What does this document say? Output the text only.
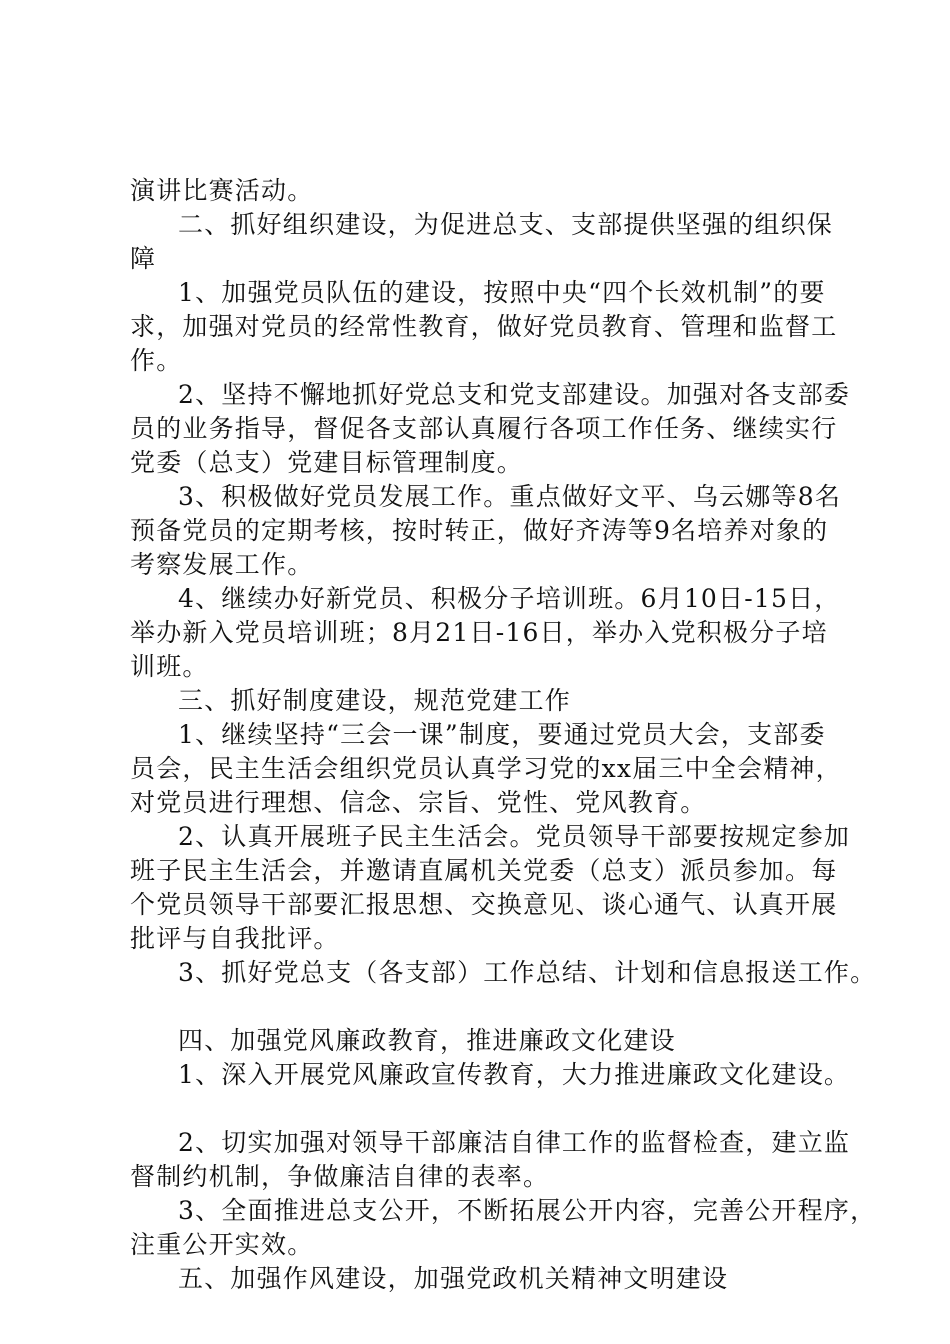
演讲比赛活动。
二、抓好组织建设，为促进总支、支部提供坚强的组织保
障
1、加强党员队伍的建设，按照中央“四个长效机制”的要
求，加强对党员的经常性教育，做好党员教育、管理和监督工
作。
2、坚持不懈地抓好党总支和党支部建设。加强对各支部委
员的业务指导，督促各支部认真履行各项工作任务、继续实行
党委（总支）党建目标管理制度。
3、积极做好党员发展工作。重点做好文平、乌云娜等8名
预备党员的定期考核，按时转正，做好齐涛等9名培养对象的
考察发展工作。
4、继续办好新党员、积极分子培训班。6月10日-15日，
举办新入党员培训班；8月21日-16日，举办入党积极分子培
训班。
三、抓好制度建设，规范党建工作
1、继续坚持“三会一课”制度，要通过党员大会，支部委
员会，民主生活会组织党员认真学习党的xx届三中全会精神，
对党员进行理想、信念、宗旨、党性、党风教育。
2、认真开展班子民主生活会。党员领导干部要按规定参加
班子民主生活会，并邀请直属机关党委（总支）派员参加。每
个党员领导干部要汇报思想、交换意见、谈心通气、认真开展
批评与自我批评。
3、抓好党总支（各支部）工作总结、计划和信息报送工作。
四、加强党风廉政教育，推进廉政文化建设
1、深入开展党风廉政宣传教育，大力推进廉政文化建设。
2、切实加强对领导干部廉洁自律工作的监督检查，建立监
督制约机制，争做廉洁自律的表率。
3、全面推进总支公开，不断拓展公开内容，完善公开程序，
注重公开实效。
五、加强作风建设，加强党政机关精神文明建设
